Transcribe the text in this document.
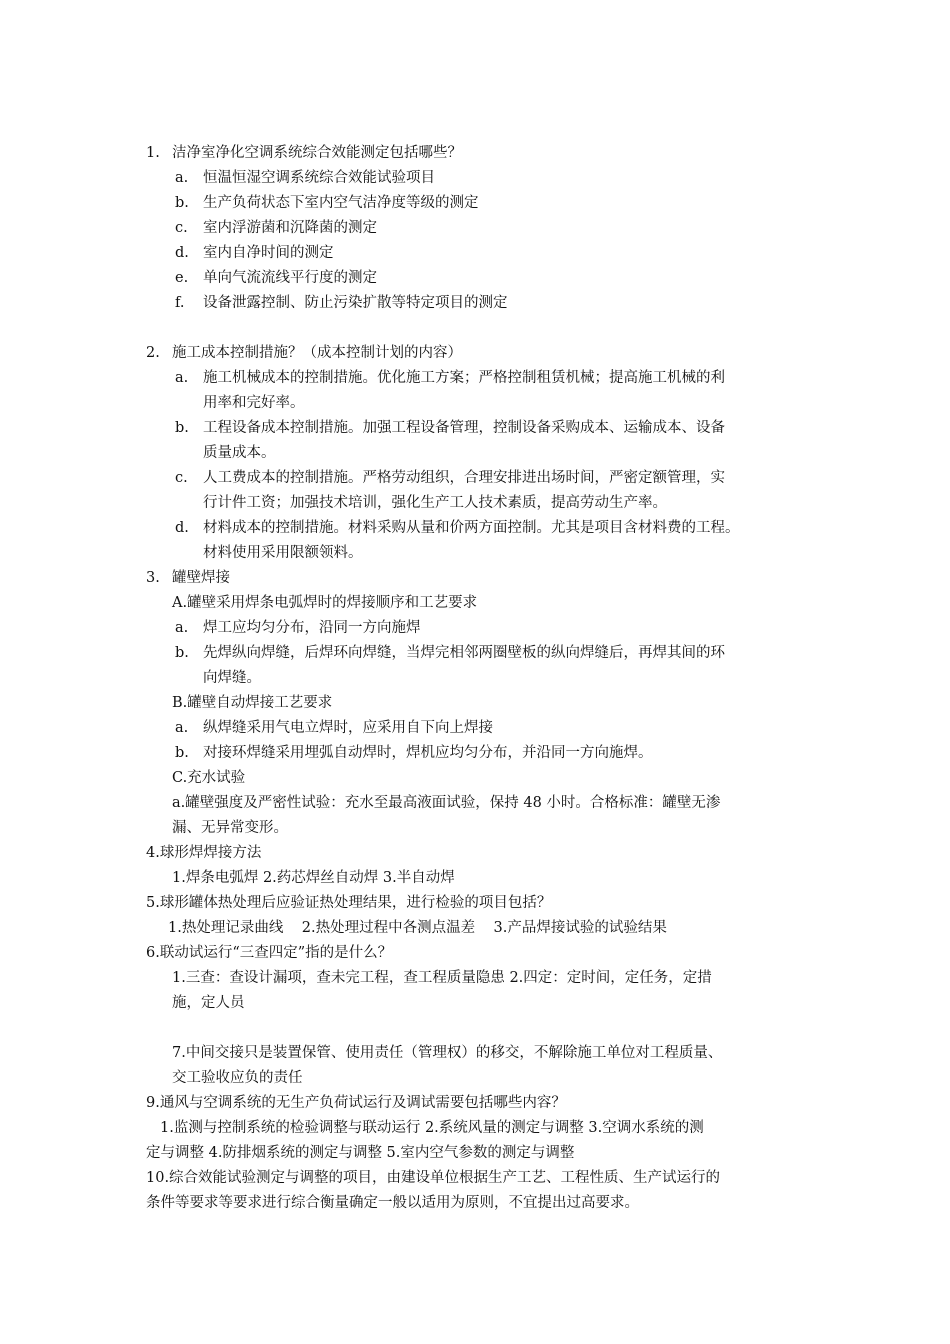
1. 洁净室净化空调系统综合效能测定包括哪些？
a. 恒温恒湿空调系统综合效能试验项目
b. 生产负荷状态下室内空气洁净度等级的测定
c. 室内浮游菌和沉降菌的测定
d. 室内自净时间的测定
e. 单向气流流线平行度的测定
f. 设备泄露控制、防止污染扩散等特定项目的测定
2. 施工成本控制措施？（成本控制计划的内容）
a. 施工机械成本的控制措施。优化施工方案；严格控制租赁机械；提高施工机械的利
用率和完好率。
b. 工程设备成本控制措施。加强工程设备管理，控制设备采购成本、运输成本、设备
质量成本。
c. 人工费成本的控制措施。严格劳动组织，合理安排进出场时间，严密定额管理，实
行计件工资；加强技术培训，强化生产工人技术素质，提高劳动生产率。
d. 材料成本的控制措施。材料采购从量和价两方面控制。尤其是项目含材料费的工程。
材料使用采用限额领料。
3. 罐壁焊接
A.罐壁采用焊条电弧焊时的焊接顺序和工艺要求
a. 焊工应均匀分布，沿同一方向施焊
b. 先焊纵向焊缝，后焊环向焊缝，当焊完相邻两圈壁板的纵向焊缝后，再焊其间的环
向焊缝。
B.罐壁自动焊接工艺要求
a. 纵焊缝采用气电立焊时，应采用自下向上焊接
b. 对接环焊缝采用埋弧自动焊时，焊机应均匀分布，并沿同一方向施焊。
C.充水试验
a.罐壁强度及严密性试验：充水至最高液面试验，保持 48 小时。合格标准：罐壁无渗
漏、无异常变形。
4.球形焊焊接方法
1.焊条电弧焊 2.药芯焊丝自动焊 3.半自动焊
5.球形罐体热处理后应验证热处理结果，进行检验的项目包括？
1.热处理记录曲线    2.热处理过程中各测点温差    3.产品焊接试验的试验结果
6.联动试运行“三查四定”指的是什么？
1.三查：查设计漏项，查未完工程，查工程质量隐患 2.四定：定时间，定任务，定措
施，定人员
7.中间交接只是装置保管、使用责任（管理权）的移交，不解除施工单位对工程质量、
交工验收应负的责任
9.通风与空调系统的无生产负荷试运行及调试需要包括哪些内容？
1.监测与控制系统的检验调整与联动运行 2.系统风量的测定与调整 3.空调水系统的测
定与调整 4.防排烟系统的测定与调整 5.室内空气参数的测定与调整
10.综合效能试验测定与调整的项目，由建设单位根据生产工艺、工程性质、生产试运行的
条件等要求等要求进行综合衡量确定一般以适用为原则，不宜提出过高要求。
